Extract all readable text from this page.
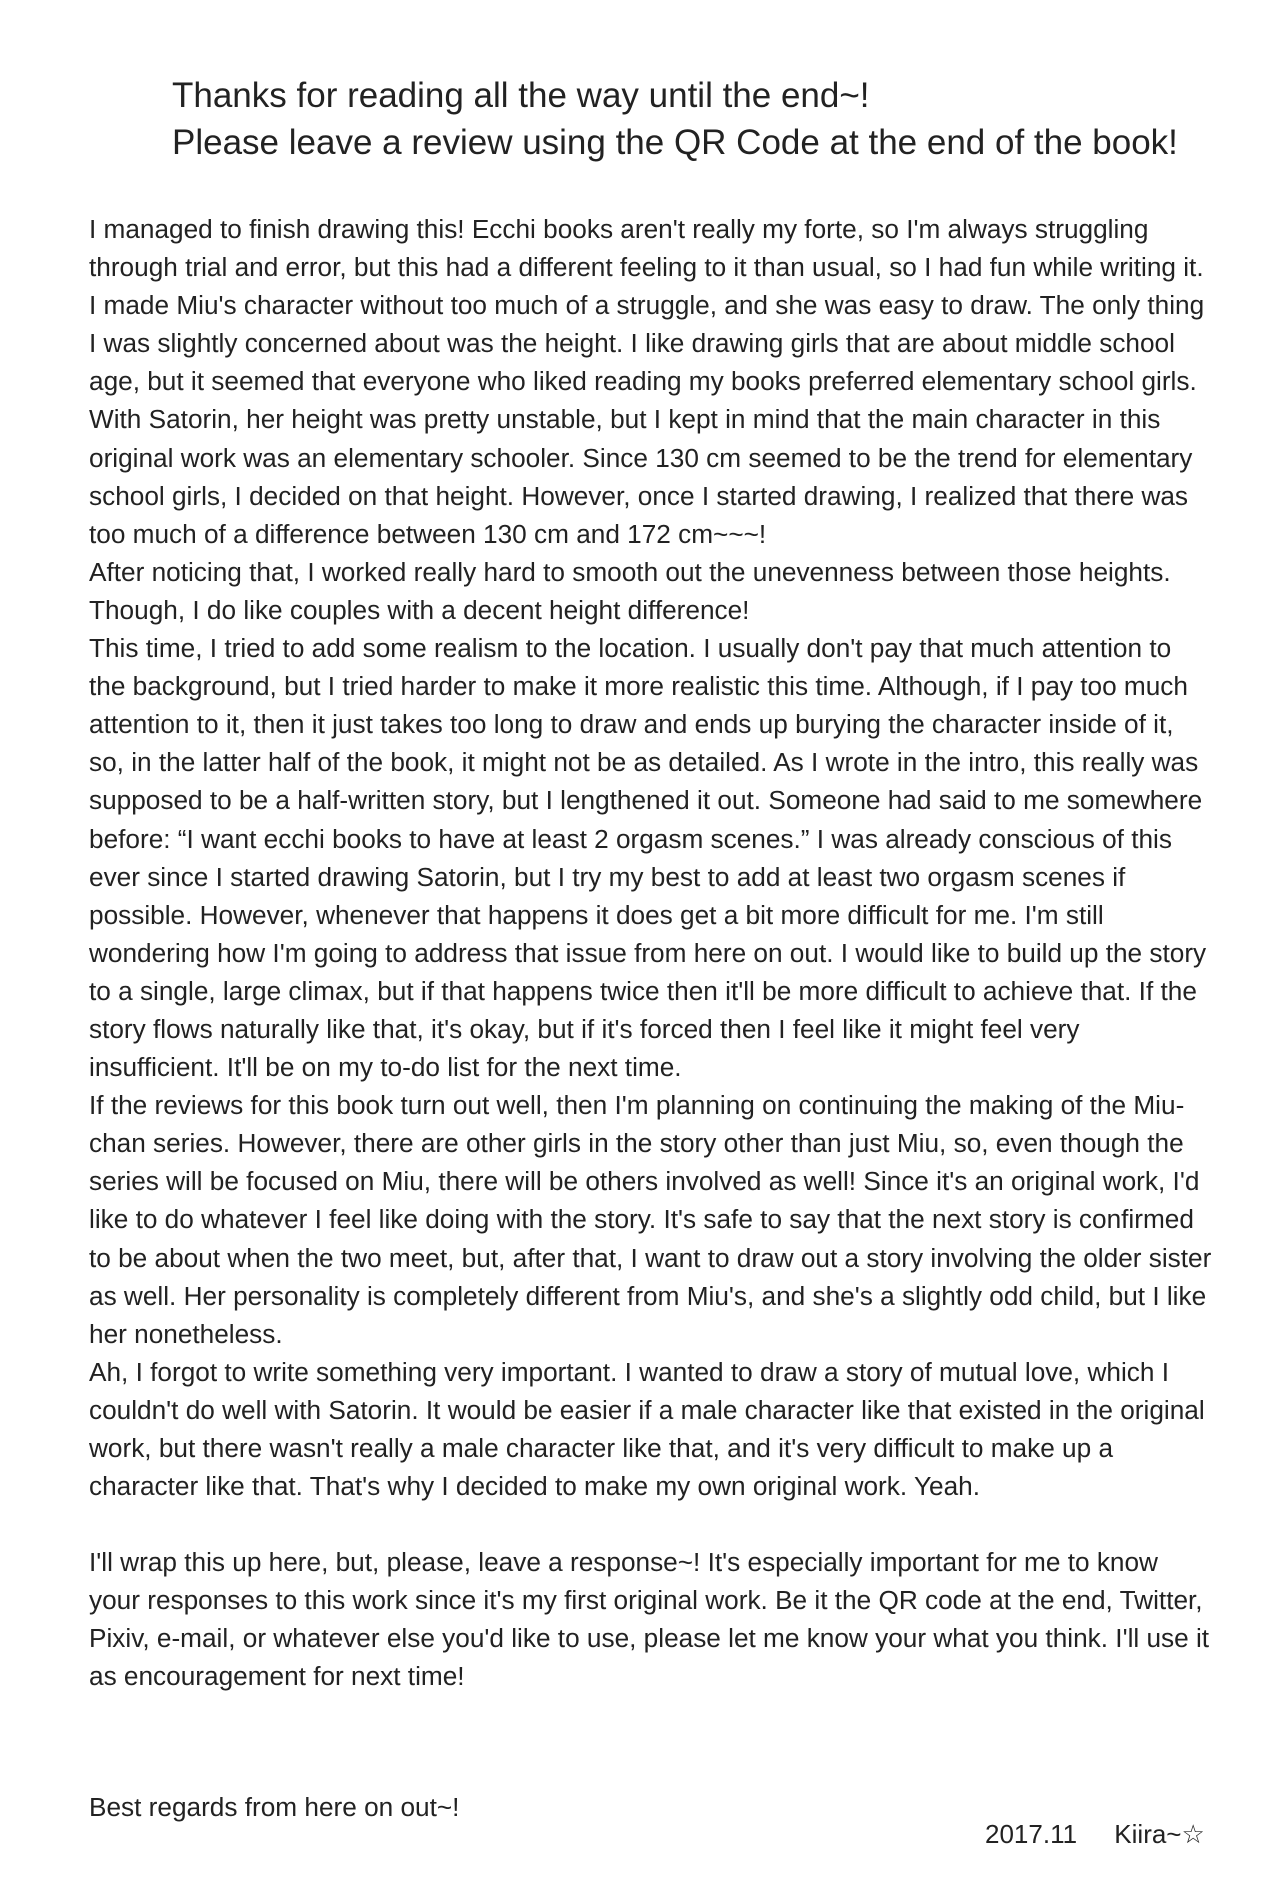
Thanks for reading all the way until the end~!
Please leave a review using the QR Code at the end of the book!

I managed to finish drawing this! Ecchi books aren't really my forte, so I'm always struggling through trial and error, but this had a different feeling to it than usual, so I had fun while writing it.

I made Miu's character without too much of a struggle, and she was easy to draw. The only thing I was slightly concerned about was the height. I like drawing girls that are about middle school age, but it seemed that everyone who liked reading my books preferred elementary school girls. With Satorin, her height was pretty unstable, but I kept in mind that the main character in this original work was an elementary schooler. Since 130 cm seemed to be the trend for elementary school girls, I decided on that height. However, once I started drawing, I realized that there was too much of a difference between 130 cm and 172 cm~~~!

After noticing that, I worked really hard to smooth out the unevenness between those heights. Though, I do like couples with a decent height difference!

This time, I tried to add some realism to the location. I usually don't pay that much attention to the background, but I tried harder to make it more realistic this time. Although, if I pay too much attention to it, then it just takes too long to draw and ends up burying the character inside of it, so, in the latter half of the book, it might not be as detailed. As I wrote in the intro, this really was supposed to be a half-written story, but I lengthened it out. Someone had said to me somewhere before: “I want ecchi books to have at least 2 orgasm scenes.” I was already conscious of this ever since I started drawing Satorin, but I try my best to add at least two orgasm scenes if possible. However, whenever that happens it does get a bit more difficult for me. I'm still wondering how I'm going to address that issue from here on out. I would like to build up the story to a single, large climax, but if that happens twice then it'll be more difficult to achieve that. If the story flows naturally like that, it's okay, but if it's forced then I feel like it might feel very insufficient. It'll be on my to-do list for the next time.

If the reviews for this book turn out well, then I'm planning on continuing the making of the Miu-chan series. However, there are other girls in the story other than just Miu, so, even though the series will be focused on Miu, there will be others involved as well! Since it's an original work, I'd like to do whatever I feel like doing with the story. It's safe to say that the next story is confirmed to be about when the two meet, but, after that, I want to draw out a story involving the older sister as well. Her personality is completely different from Miu's, and she's a slightly odd child, but I like her nonetheless.

Ah, I forgot to write something very important. I wanted to draw a story of mutual love, which I couldn't do well with Satorin. It would be easier if a male character like that existed in the original work, but there wasn't really a male character like that, and it's very difficult to make up a character like that. That's why I decided to make my own original work. Yeah.

I'll wrap this up here, but, please, leave a response~! It's especially important for me to know your responses to this work since it's my first original work. Be it the QR code at the end, Twitter, Pixiv, e-mail, or whatever else you'd like to use, please let me know your what you think. I'll use it as encouragement for next time!

Best regards from here on out~!
2017.11 Kiira~☆
